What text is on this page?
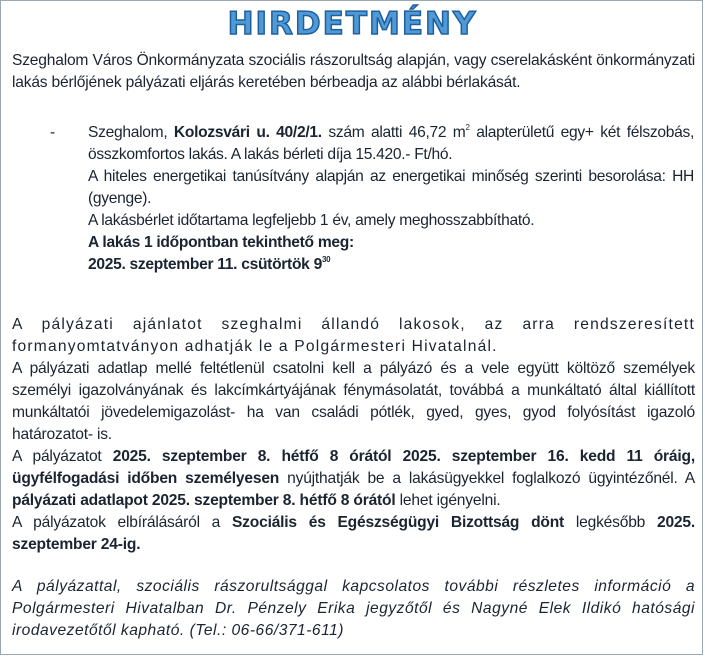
HIRDETMÉNY
Szeghalom Város Önkormányzata szociális rászorultság alapján, vagy cserelakásként önkormányzati lakás bérlőjének pályázati eljárás keretében bérbeadja az alábbi bérlakását.
- Szeghalom, Kolozsvári u. 40/2/1. szám alatti 46,72 $m^2$ alapterületű egy+ két félszobás, összkomfortos lakás. A lakás bérleti díja 15.420.- Ft/hó.

A hiteles energetikai tanúsítvány alapján az energetikai minőség szerinti besorolása: HH (gyenge).

A lakásbérlet időtartama legfeljebb 1 év, amely meghosszabbítható.

A lakás 1 időpontban tekinthető meg:

2025. szeptember 11. csütörtök $9^{30}$

A pályázati ajánlatot szeghalmi állandó lakosok, az arra rendszeresített formanyomtatványon adhatják le a Polgármesteri Hivatalnál.

A pályázati adatlap mellé feltétlenül csatolni kell a pályázó és a vele együtt költöző személyek személyi igazolványának és lakcímkártyájának fénymásolatát, továbbá a munkáltató által kiállított munkáltatói jövedelemigazolást- ha van családi pótlék, gyed, gyes, gyod folyósítást igazoló határozatot- is.

A pályázatot 2025. szeptember 8. hétfő 8 órától 2025. szeptember 16. kedd 11 óráig, ügyfélfogadási időben személyesen nyújthatják be a lakásügyekkel foglalkozó ügyintézőnél. A pályázati adatlapot 2025. szeptember 8. hétfő 8 órától lehet igényelni.

A pályázatok elbírálásáról a Szociális és Egészségügyi Bizottság dönt legkésőbb 2025. szeptember 24-ig.

A pályázattal, szociális rászorultsággal kapcsolatos további részletes információ a Polgármesteri Hivatalban Dr. Pénzely Erika jegyzőtől és Nagyné Elek Ildikó hatósági irodavezetőtől kapható. (Tel.: 06-66/371-611)
